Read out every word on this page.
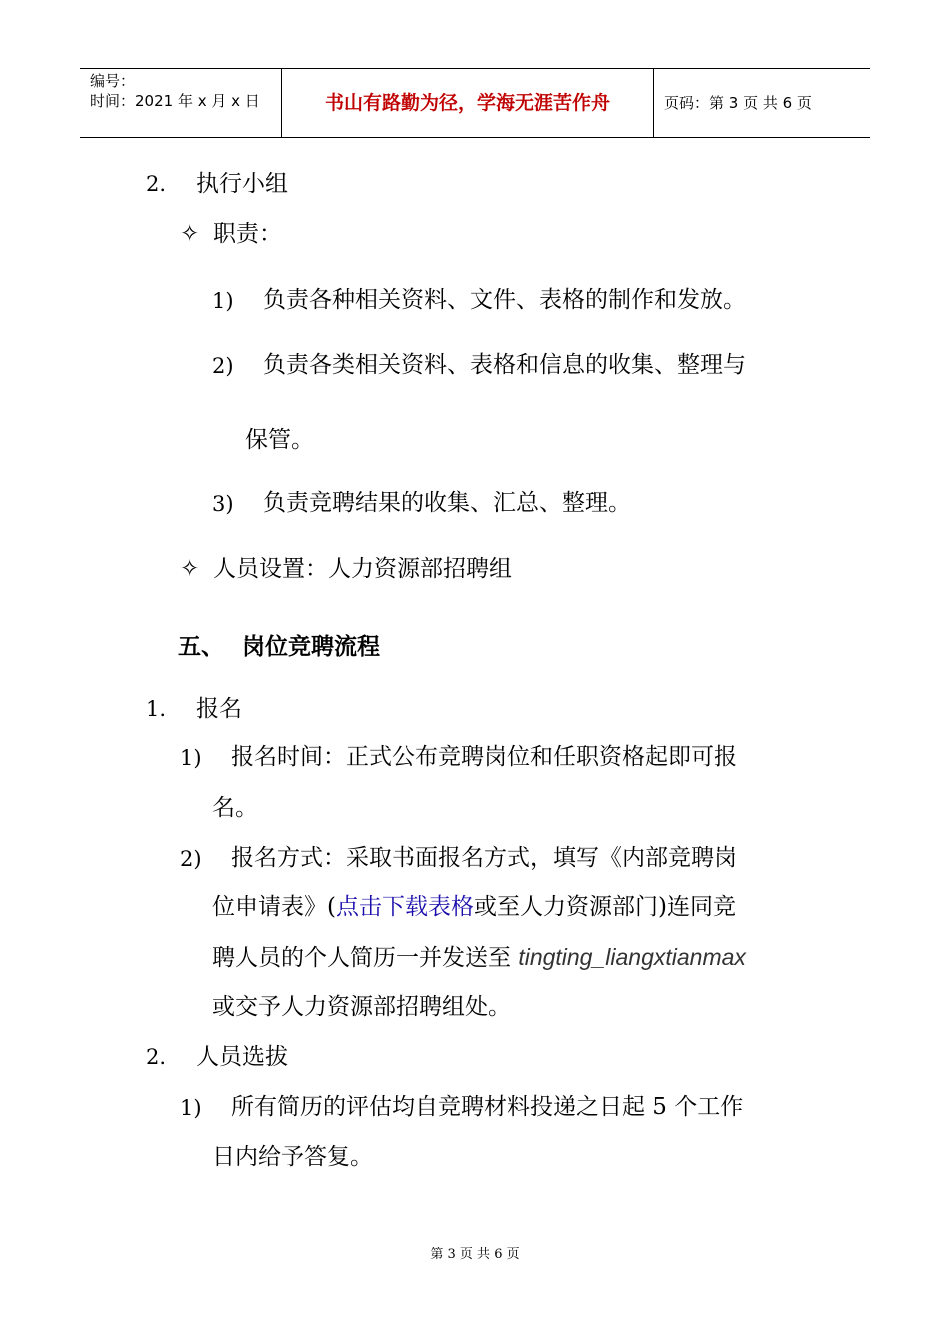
编号：
时间：2021 年 x 月 x 日	书山有路勤为径，学海无涯苦作舟	页码：第 3 页 共 6 页
2. 执行小组
✧ 职责：
1) 负责各种相关资料、文件、表格的制作和发放。
2) 负责各类相关资料、表格和信息的收集、整理与
保管。
3) 负责竞聘结果的收集、汇总、整理。
✧ 人员设置：人力资源部招聘组
五、 岗位竞聘流程
1. 报名
1) 报名时间：正式公布竞聘岗位和任职资格起即可报
名。
2) 报名方式：采取书面报名方式，填写《内部竞聘岗
位申请表》(点击下载表格或至人力资源部门)连同竞
聘人员的个人简历一并发送至 tingting_liangxtianmax
或交予人力资源部招聘组处。
2. 人员选拔
1) 所有简历的评估均自竞聘材料投递之日起 5 个工作
日内给予答复。
第 3 页 共 6 页
